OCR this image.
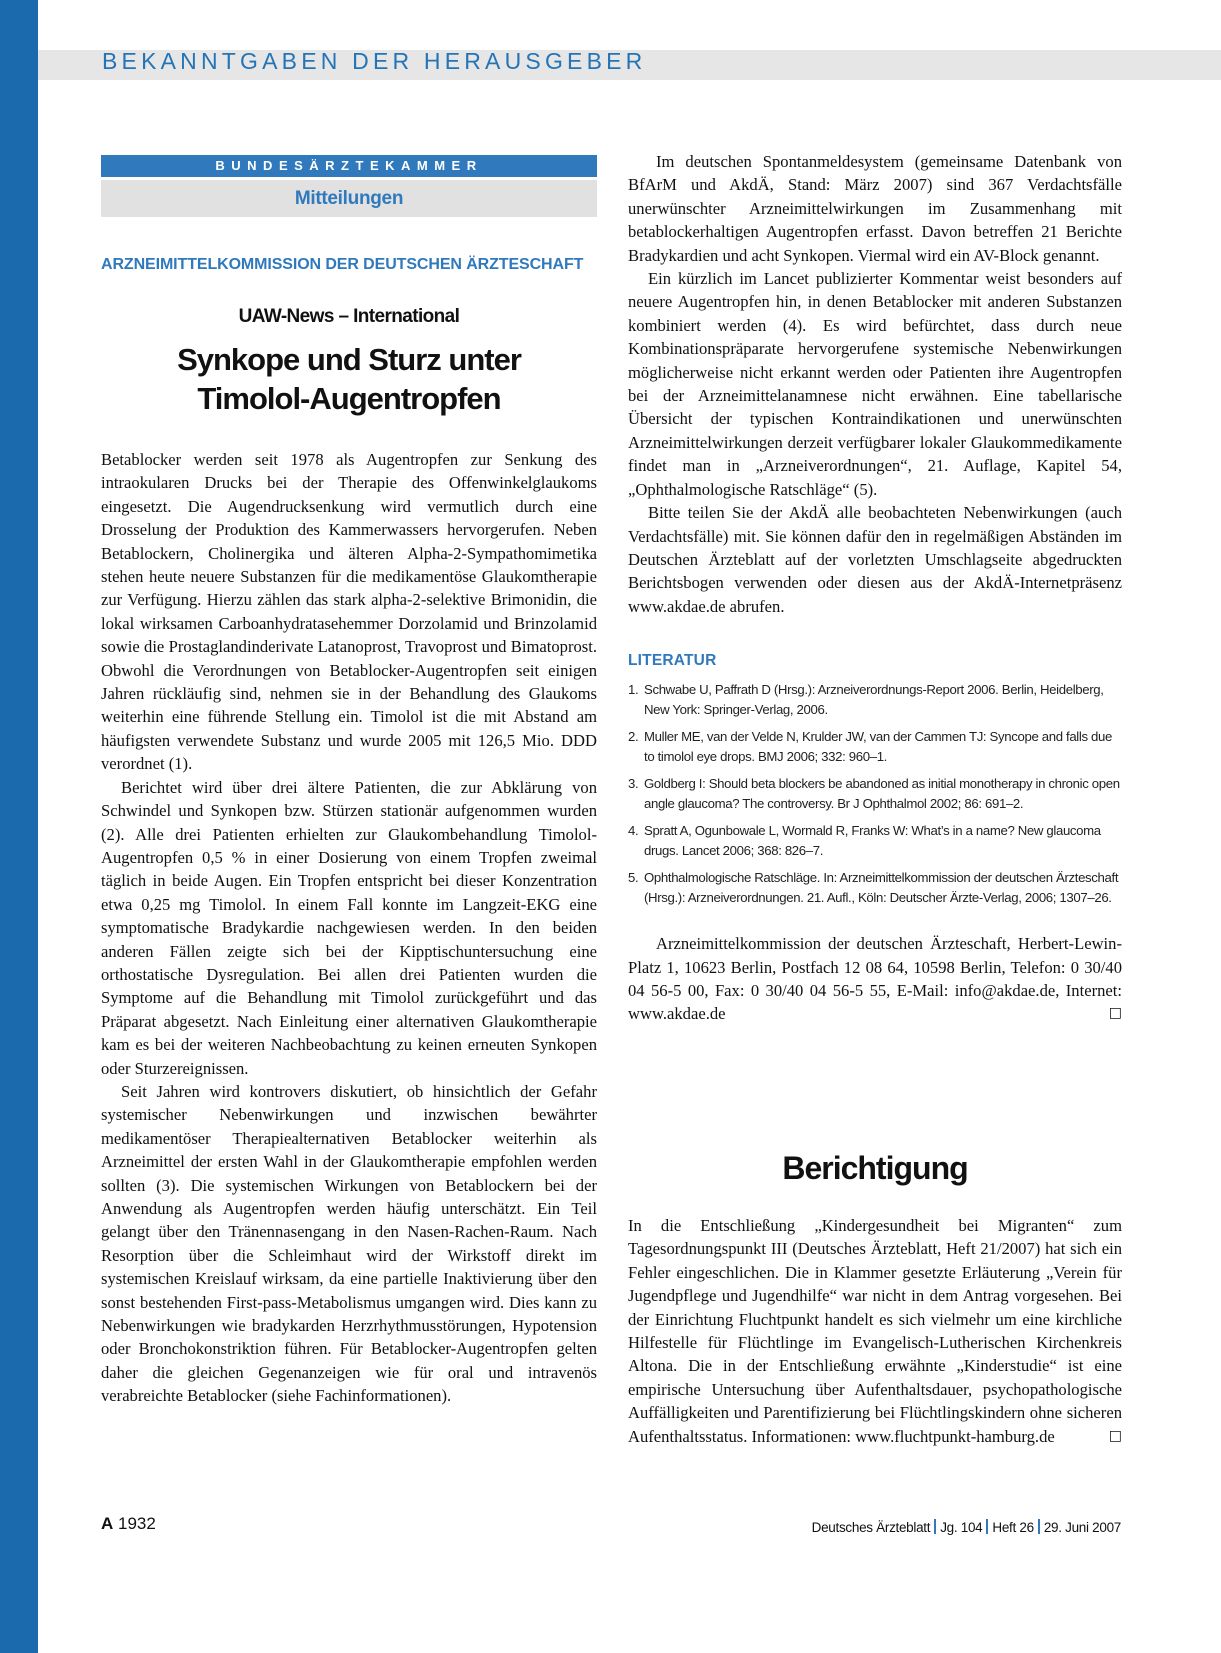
BEKANNTGABEN DER HERAUSGEBER
BUNDESÄRZTEKAMMER
Mitteilungen
ARZNEIMITTELKOMMISSION DER DEUTSCHEN ÄRZTESCHAFT
UAW-News – International
Synkope und Sturz unter
Timolol-Augentropfen

Betablocker werden seit 1978 als Augentropfen zur Senkung des intraokularen Drucks bei der Therapie des Offenwinkelglaukoms eingesetzt. Die Augendrucksenkung wird vermutlich durch eine Drosselung der Produktion des Kammerwassers hervorgerufen. Neben Betablockern, Cholinergika und älteren Alpha-2-Sympathomimetika stehen heute neuere Substanzen für die medikamentöse Glaukomtherapie zur Verfügung. Hierzu zählen das stark alpha-2-selektive Brimonidin, die lokal wirksamen Carboanhydratasehemmer Dorzolamid und Brinzolamid sowie die Prostaglandinderivate Latanoprost, Travoprost und Bimatoprost. Obwohl die Verordnungen von Betablocker-Augentropfen seit einigen Jahren rückläufig sind, nehmen sie in der Behandlung des Glaukoms weiterhin eine führende Stellung ein. Timolol ist die mit Abstand am häufigsten verwendete Substanz und wurde 2005 mit 126,5 Mio. DDD verordnet (1).

Berichtet wird über drei ältere Patienten, die zur Abklärung von Schwindel und Synkopen bzw. Stürzen stationär aufgenommen wurden (2). Alle drei Patienten erhielten zur Glaukombehandlung Timolol-Augentropfen 0,5 % in einer Dosierung von einem Tropfen zweimal täglich in beide Augen. Ein Tropfen entspricht bei dieser Konzentration etwa 0,25 mg Timolol. In einem Fall konnte im Langzeit-EKG eine symptomatische Bradykardie nachgewiesen werden. In den beiden anderen Fällen zeigte sich bei der Kipptischuntersuchung eine orthostatische Dysregulation. Bei allen drei Patienten wurden die Symptome auf die Behandlung mit Timolol zurückgeführt und das Präparat abgesetzt. Nach Einleitung einer alternativen Glaukomtherapie kam es bei der weiteren Nachbeobachtung zu keinen erneuten Synkopen oder Sturzereignissen.

Seit Jahren wird kontrovers diskutiert, ob hinsichtlich der Gefahr systemischer Nebenwirkungen und inzwischen bewährter medikamentöser Therapiealternativen Betablocker weiterhin als Arzneimittel der ersten Wahl in der Glaukomtherapie empfohlen werden sollten (3). Die systemischen Wirkungen von Betablockern bei der Anwendung als Augentropfen werden häufig unterschätzt. Ein Teil gelangt über den Tränennasengang in den Nasen-Rachen-Raum. Nach Resorption über die Schleimhaut wird der Wirkstoff direkt im systemischen Kreislauf wirksam, da eine partielle Inaktivierung über den sonst bestehenden First-pass-Metabolismus umgangen wird. Dies kann zu Nebenwirkungen wie bradykarden Herzrhythmusstörungen, Hypotension oder Bronchokonstriktion führen. Für Betablocker-Augentropfen gelten daher die gleichen Gegenanzeigen wie für oral und intravenös verabreichte Betablocker (siehe Fachinformationen).

Im deutschen Spontanmeldesystem (gemeinsame Datenbank von BfArM und AkdÄ, Stand: März 2007) sind 367 Verdachtsfälle unerwünschter Arzneimittelwirkungen im Zusammenhang mit betablockerhaltigen Augentropfen erfasst. Davon betreffen 21 Berichte Bradykardien und acht Synkopen. Viermal wird ein AV-Block genannt.

Ein kürzlich im Lancet publizierter Kommentar weist besonders auf neuere Augentropfen hin, in denen Betablocker mit anderen Substanzen kombiniert werden (4). Es wird befürchtet, dass durch neue Kombinationspräparate hervorgerufene systemische Nebenwirkungen möglicherweise nicht erkannt werden oder Patienten ihre Augentropfen bei der Arzneimittelanamnese nicht erwähnen. Eine tabellarische Übersicht der typischen Kontraindikationen und unerwünschten Arzneimittelwirkungen derzeit verfügbarer lokaler Glaukommedikamente findet man in „Arzneiverordnungen“, 21. Auflage, Kapitel 54, „Ophthalmologische Ratschläge“ (5).

Bitte teilen Sie der AkdÄ alle beobachteten Nebenwirkungen (auch Verdachtsfälle) mit. Sie können dafür den in regelmäßigen Abständen im Deutschen Ärzteblatt auf der vorletzten Umschlagseite abgedruckten Berichtsbogen verwenden oder diesen aus der AkdÄ-Internetpräsenz www.akdae.de abrufen.

LITERATUR
1. Schwabe U, Paffrath D (Hrsg.): Arzneiverordnungs-Report 2006. Berlin, Heidelberg, New York: Springer-Verlag, 2006.
2. Muller ME, van der Velde N, Krulder JW, van der Cammen TJ: Syncope and falls due to timolol eye drops. BMJ 2006; 332: 960–1.
3. Goldberg I: Should beta blockers be abandoned as initial monotherapy in chronic open angle glaucoma? The controversy. Br J Ophthalmol 2002; 86: 691–2.
4. Spratt A, Ogunbowale L, Wormald R, Franks W: What’s in a name? New glaucoma drugs. Lancet 2006; 368: 826–7.
5. Ophthalmologische Ratschläge. In: Arzneimittelkommission der deutschen Ärzteschaft (Hrsg.): Arzneiverordnungen. 21. Aufl., Köln: Deutscher Ärzte-Verlag, 2006; 1307–26.

Arzneimittelkommission der deutschen Ärzteschaft, Herbert-Lewin-Platz 1, 10623 Berlin, Postfach 12 08 64, 10598 Berlin, Telefon: 0 30/40 04 56-5 00, Fax: 0 30/40 04 56-5 55, E-Mail: info@akdae.de, Internet: www.akdae.de	□

Berichtigung

In die Entschließung „Kindergesundheit bei Migranten“ zum Tagesordnungspunkt III (Deutsches Ärzteblatt, Heft 21/2007) hat sich ein Fehler eingeschlichen. Die in Klammer gesetzte Erläuterung „Verein für Jugendpflege und Jugendhilfe“ war nicht in dem Antrag vorgesehen. Bei der Einrichtung Fluchtpunkt handelt es sich vielmehr um eine kirchliche Hilfestelle für Flüchtlinge im Evangelisch-Lutherischen Kirchenkreis Altona. Die in der Entschließung erwähnte „Kinderstudie“ ist eine empirische Untersuchung über Aufenthaltsdauer, psychopathologische Auffälligkeiten und Parentifizierung bei Flüchtlingskindern ohne sicheren Aufenthaltsstatus. Informationen: www.fluchtpunkt-hamburg.de	□

A 1932	Deutsches Ärzteblatt Jg. 104 Heft 26 29. Juni 2007
